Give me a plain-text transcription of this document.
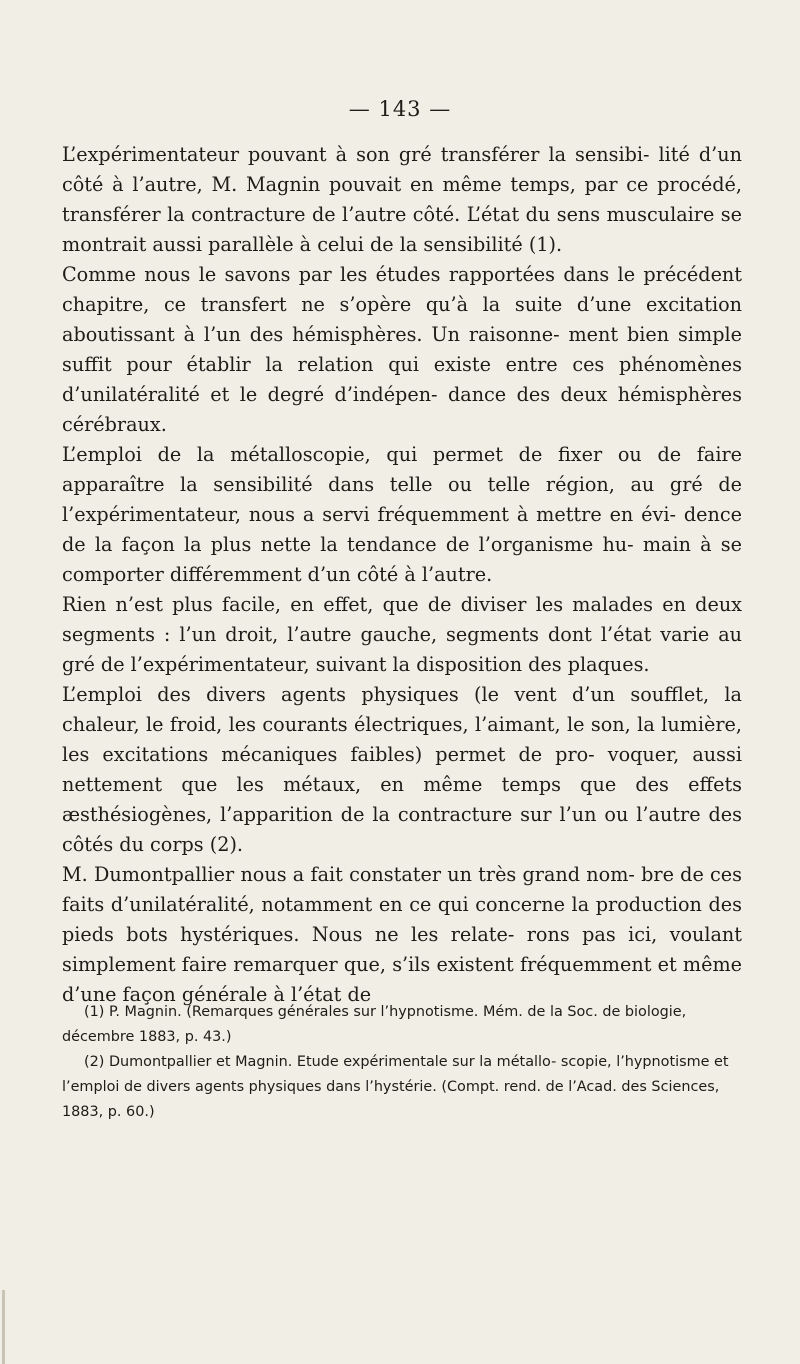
— 143 —

L’expérimentateur pouvant à son gré transférer la sensibi- lité d’un côté à l’autre, M. Magnin pouvait en même temps, par ce procédé, transférer la contracture de l’autre côté. L’état du sens musculaire se montrait aussi parallèle à celui de la sensibilité (1).

Comme nous le savons par les études rapportées dans le précédent chapitre, ce transfert ne s’opère qu’à la suite d’une excitation aboutissant à l’un des hémisphères. Un raisonne- ment bien simple suffit pour établir la relation qui existe entre ces phénomènes d’unilatéralité et le degré d’indépen- dance des deux hémisphères cérébraux.

L’emploi de la métalloscopie, qui permet de fixer ou de faire apparaître la sensibilité dans telle ou telle région, au gré de l’expérimentateur, nous a servi fréquemment à mettre en évi- dence de la façon la plus nette la tendance de l’organisme hu- main à se comporter différemment d’un côté à l’autre.

Rien n’est plus facile, en effet, que de diviser les malades en deux segments : l’un droit, l’autre gauche, segments dont l’état varie au gré de l’expérimentateur, suivant la disposition des plaques.

L’emploi des divers agents physiques (le vent d’un soufflet, la chaleur, le froid, les courants électriques, l’aimant, le son, la lumière, les excitations mécaniques faibles) permet de pro- voquer, aussi nettement que les métaux, en même temps que des effets æsthésiogènes, l’apparition de la contracture sur l’un ou l’autre des côtés du corps (2).

M. Dumontpallier nous a fait constater un très grand nom- bre de ces faits d’unilatéralité, notamment en ce qui concerne la production des pieds bots hystériques. Nous ne les relate- rons pas ici, voulant simplement faire remarquer que, s’ils existent fréquemment et même d’une façon générale à l’état de

(1) P. Magnin. (Remarques générales sur l’hypnotisme. Mém. de la Soc. de biologie, décembre 1883, p. 43.)

(2) Dumontpallier et Magnin. Etude expérimentale sur la métallo- scopie, l’hypnotisme et l’emploi de divers agents physiques dans l’hystérie. (Compt. rend. de l’Acad. des Sciences, 1883, p. 60.)
